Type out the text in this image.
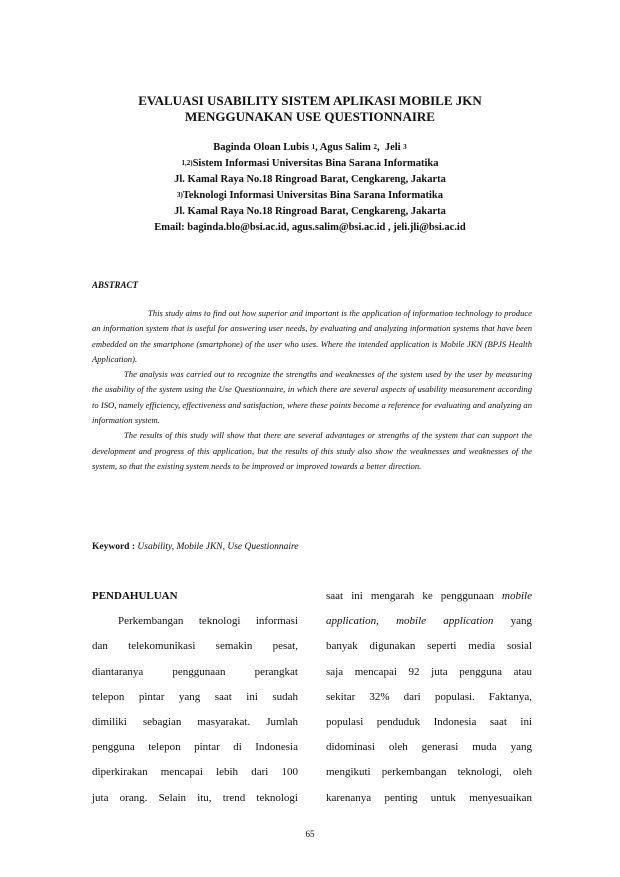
EVALUASI USABILITY SISTEM APLIKASI MOBILE JKN
MENGGUNAKAN USE QUESTIONNAIRE
Baginda Oloan Lubis $^1$, Agus Salim $^2$,  Jeli $^3$
$^{1,2)}$Sistem Informasi Universitas Bina Sarana Informatika
Jl. Kamal Raya No.18 Ringroad Barat, Cengkareng, Jakarta
$^{3)}$Teknologi Informasi Universitas Bina Sarana Informatika
Jl. Kamal Raya No.18 Ringroad Barat, Cengkareng, Jakarta
Email: baginda.blo@bsi.ac.id, agus.salim@bsi.ac.id , jeli.jli@bsi.ac.id
ABSTRACT

This study aims to find out how superior and important is the application of information technology to produce an information system that is useful for answering user needs, by evaluating and analyzing information systems that have been embedded on the smartphone (smartphone) of the user who uses. Where the intended application is Mobile JKN (BPJS Health Application).

The analysis was carried out to recognize the strengths and weaknesses of the system used by the user by measuring the usability of the system using the Use Questionnaire, in which there are several aspects of usability measurement according to ISO, namely efficiency, effectiveness and satisfaction, where these points become a reference for evaluating and analyzing an information system.

The results of this study will show that there are several advantages or strengths of the system that can support the development and progress of this application, but the results of this study also show the weaknesses and weaknesses of the system, so that the existing system needs to be improved or improved towards a better direction.

Keyword : Usability, Mobile JKN, Use Questionnaire

PENDAHULUAN

Perkembangan teknologi informasi

dan telekomunikasi semakin pesat,

diantaranya penggunaan perangkat

telepon pintar yang saat ini sudah

dimiliki sebagian masyarakat. Jumlah

pengguna telepon pintar di Indonesia

diperkirakan mencapai lebih dari 100

juta orang. Selain itu, trend teknologi

saat ini mengarah ke penggunaan mobile

application, mobile application yang

banyak digunakan seperti media sosial

saja mencapai 92 juta pengguna atau

sekitar 32% dari populasi. Faktanya,

populasi penduduk Indonesia saat ini

didominasi oleh generasi muda yang

mengikuti perkembangan teknologi, oleh

karenanya penting untuk menyesuaikan

65
